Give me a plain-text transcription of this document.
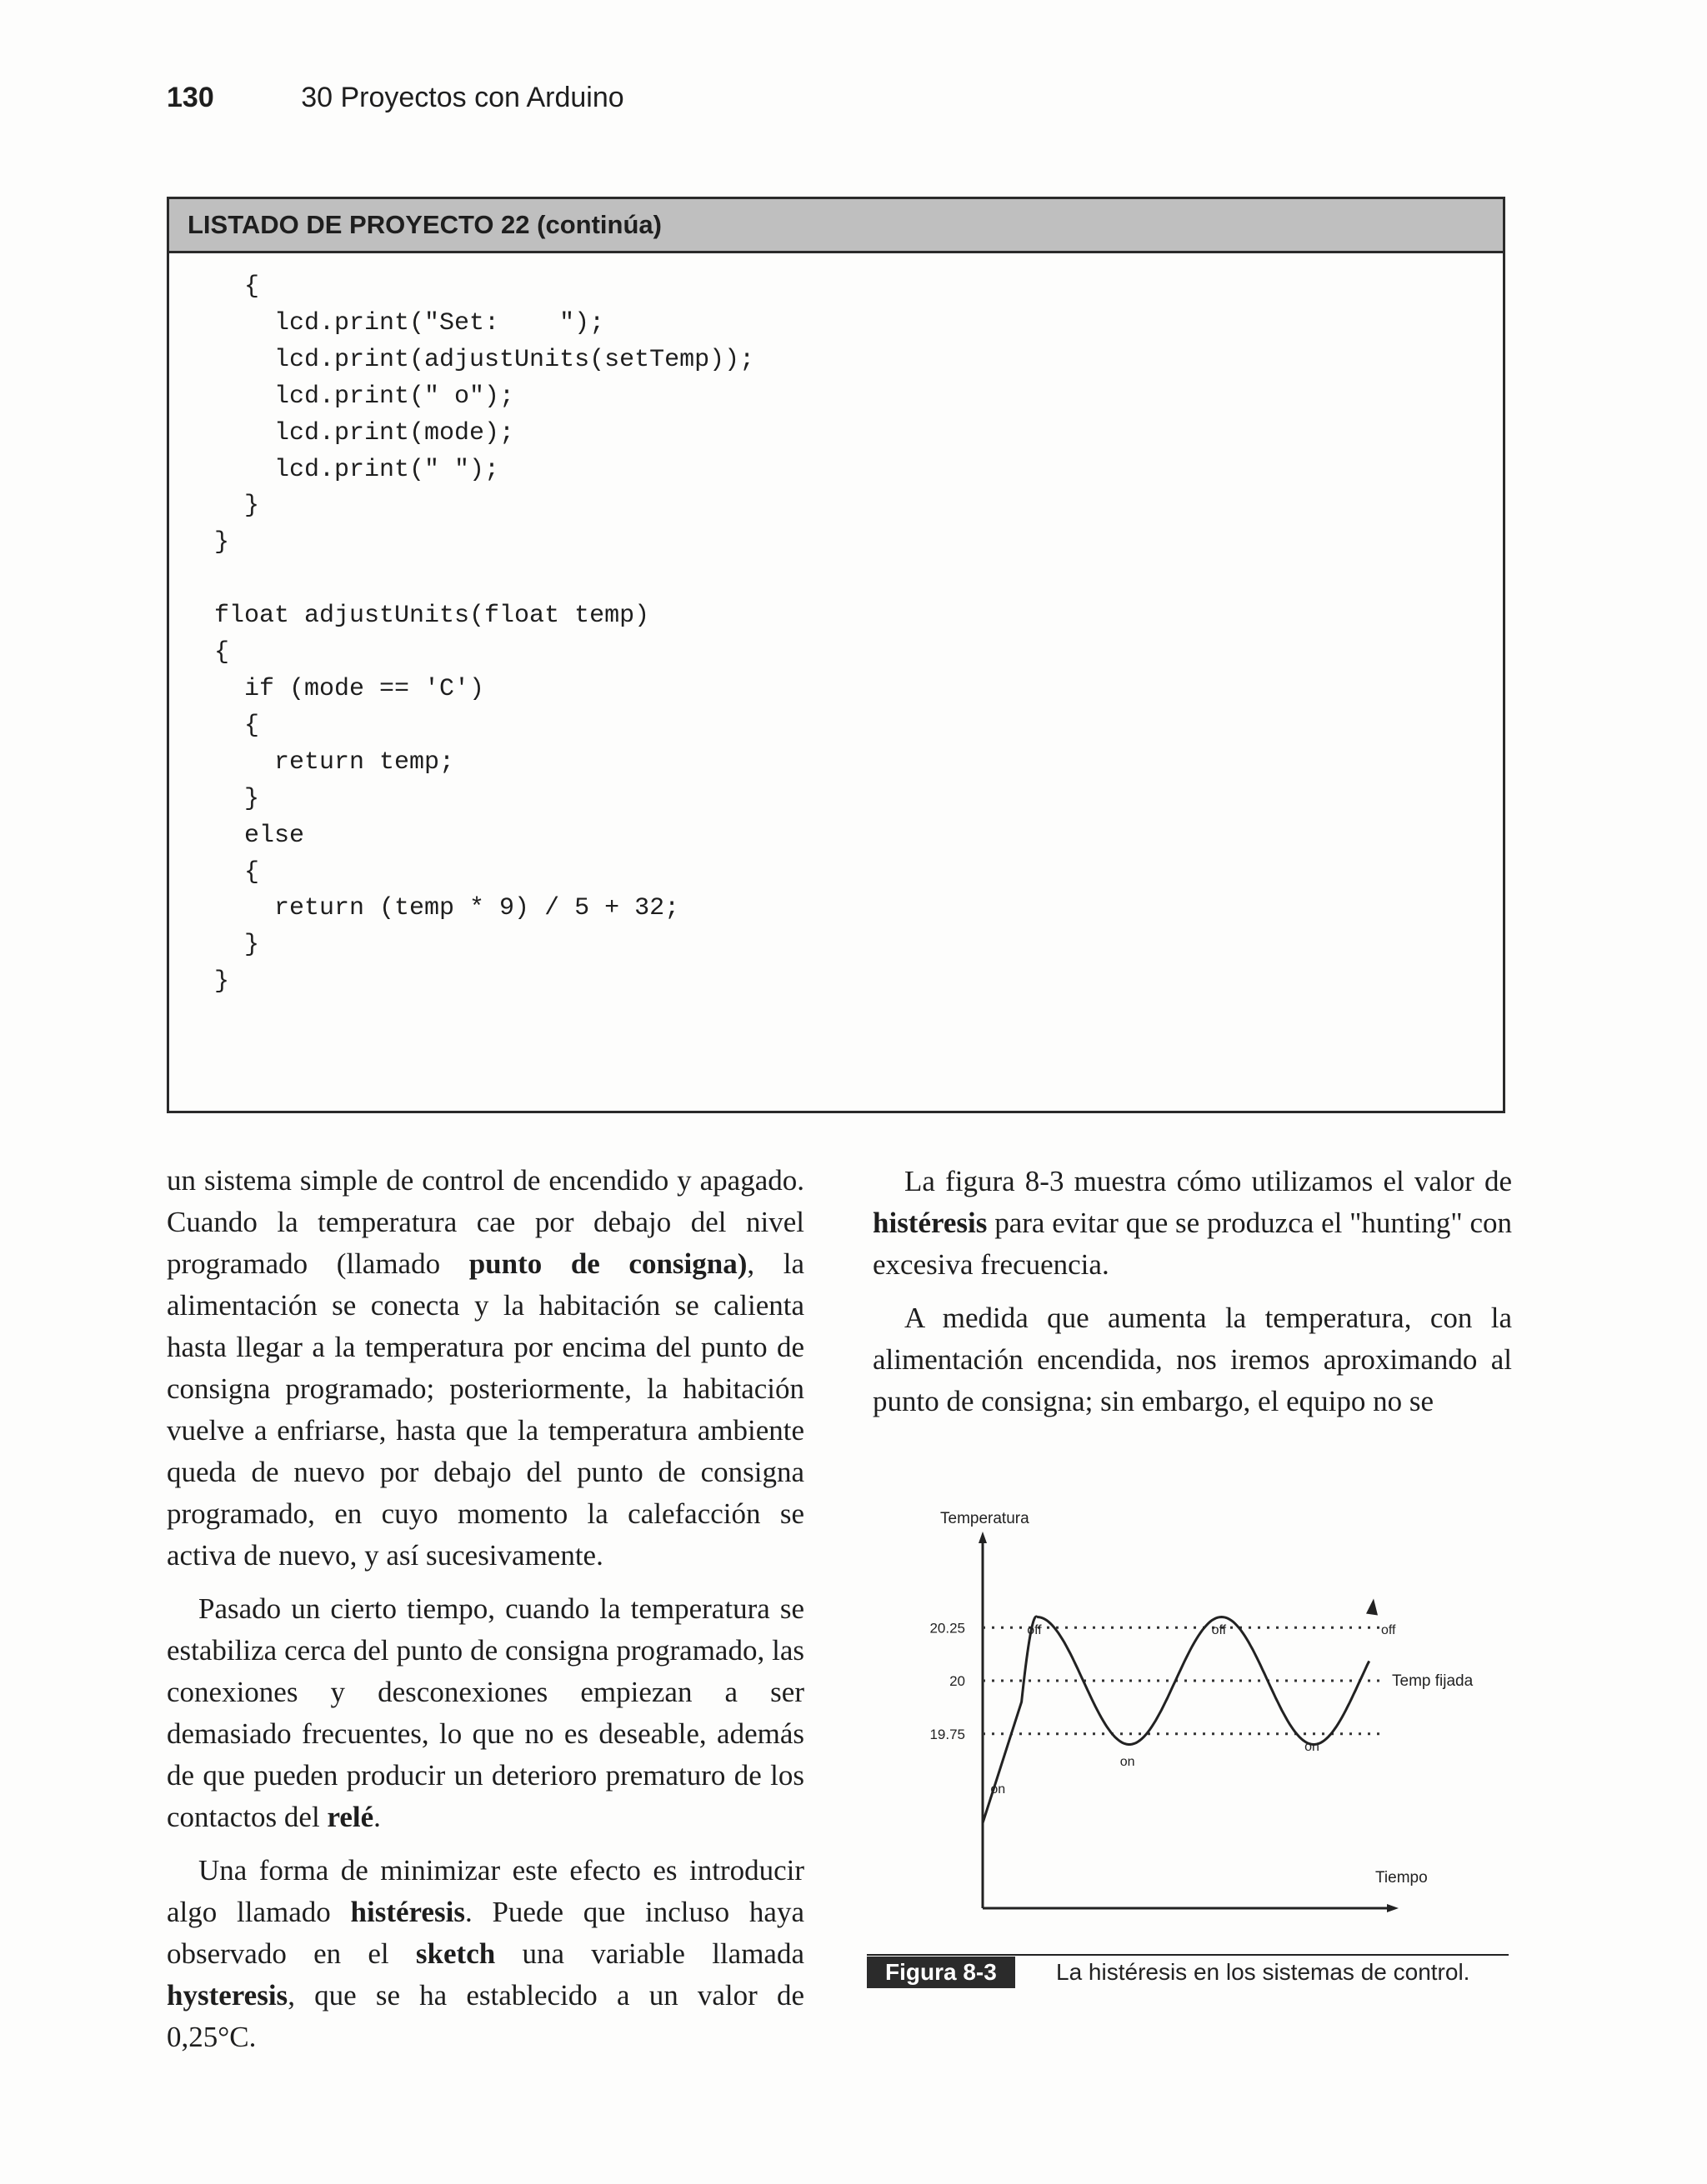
130	30 Proyectos con Arduino
LISTADO DE PROYECTO 22 (continúa)
{
lcd.print("Set:    ");
lcd.print(adjustUnits(setTemp));
lcd.print(" o");
lcd.print(mode);
lcd.print(" ");
}
}

float adjustUnits(float temp)
{
if (mode == 'C')
{
return temp;
}
else
{
return (temp * 9) / 5 + 32;
}
}

un sistema simple de control de encendido y apagado. Cuando la temperatura cae por debajo del nivel programado (llamado punto de consigna), la alimentación se conecta y la habitación se calienta hasta llegar a la temperatura por encima del punto de consigna programado; posteriormente, la habitación vuelve a enfriarse, hasta que la temperatura ambiente queda de nuevo por debajo del punto de consigna programado, en cuyo momento la calefacción se activa de nuevo, y así sucesivamente.

Pasado un cierto tiempo, cuando la temperatura se estabiliza cerca del punto de consigna programado, las conexiones y desconexiones empiezan a ser demasiado frecuentes, lo que no es deseable, además de que pueden producir un deterioro prematuro de los contactos del relé.

Una forma de minimizar este efecto es introducir algo llamado histéresis. Puede que incluso haya observado en el sketch una variable llamada hysteresis, que se ha establecido a un valor de 0,25°C.

La figura 8-3 muestra cómo utilizamos el valor de histéresis para evitar que se produzca el "hunting" con excesiva frecuencia.

A medida que aumenta la temperatura, con la alimentación encendida, nos iremos aproximando al punto de consigna; sin embargo, el equipo no se

Temperatura
Tiempo
20.25
20	Temp fijada
19.75
on
off
on
off
on
off
Figura 8-3	La histéresis en los sistemas de control.
